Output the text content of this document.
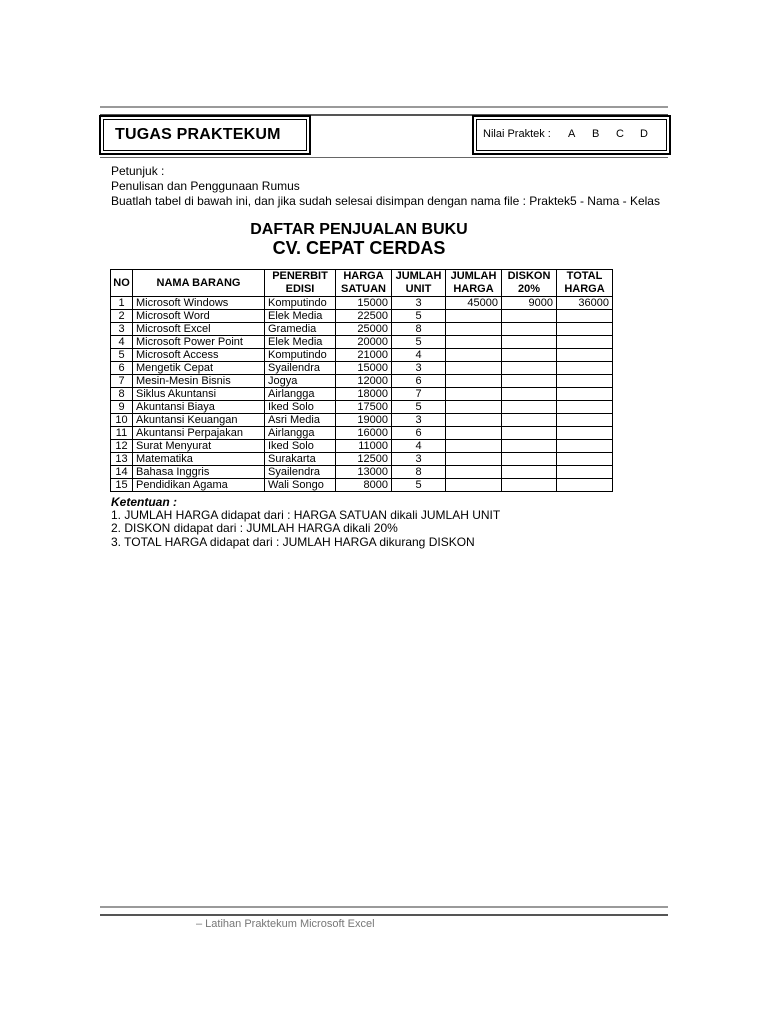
TUGAS PRAKTEKUM	Nilai Praktek : A B C D
Petunjuk :
Penulisan dan Penggunaan Rumus
Buatlah tabel di bawah ini, dan jika sudah selesai disimpan dengan nama file : Praktek5 - Nama - Kelas
DAFTAR PENJUALAN BUKU
CV. CEPAT CERDAS
NO	NAMA BARANG	PENERBIT	HARGA	JUMLAH	JUMLAH	DISKON	TOTAL
		EDISI	SATUAN	UNIT	HARGA	20%	HARGA
1	Microsoft Windows	Komputindo	15000	3	45000	9000	36000
2	Microsoft Word	Elek Media	22500	5			
3	Microsoft Excel	Gramedia	25000	8			
4	Microsoft Power Point	Elek Media	20000	5			
5	Microsoft Access	Komputindo	21000	4			
6	Mengetik Cepat	Syailendra	15000	3			
7	Mesin-Mesin Bisnis	Jogya	12000	6			
8	Siklus Akuntansi	Airlangga	18000	7			
9	Akuntansi Biaya	Iked Solo	17500	5			
10	Akuntansi Keuangan	Asri Media	19000	3			
11	Akuntansi Perpajakan	Airlangga	16000	6			
12	Surat Menyurat	Iked Solo	11000	4			
13	Matematika	Surakarta	12500	3			
14	Bahasa Inggris	Syailendra	13000	8			
15	Pendidikan Agama	Wali Songo	8000	5			
Ketentuan :
1. JUMLAH HARGA didapat dari : HARGA SATUAN dikali JUMLAH UNIT
2. DISKON didapat dari : JUMLAH HARGA dikali 20%
3. TOTAL HARGA didapat dari : JUMLAH HARGA dikurang DISKON
– Latihan Praktekum Microsoft Excel
